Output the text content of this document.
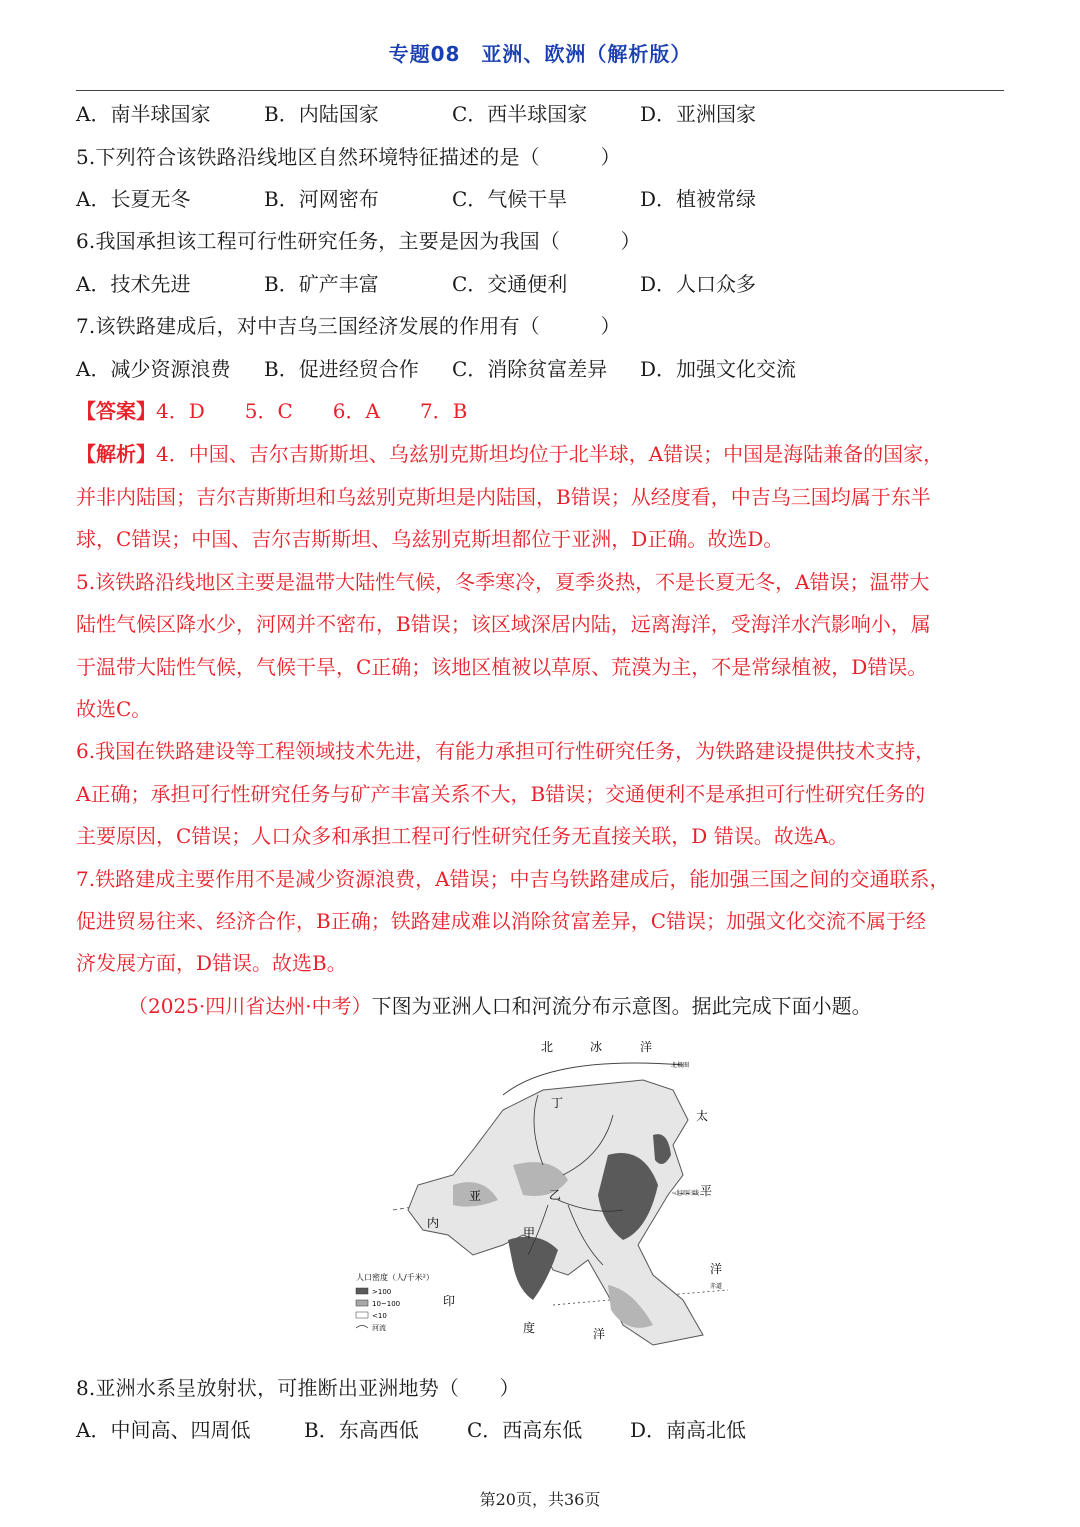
专题08　亚洲、欧洲（解析版）
A．南半球国家	B．内陆国家	C．西半球国家	D．亚洲国家
5.下列符合该铁路沿线地区自然环境特征描述的是（　　　）
A．长夏无冬	B．河网密布	C．气候干旱	D．植被常绿
6.我国承担该工程可行性研究任务，主要是因为我国（　　　）
A．技术先进	B．矿产丰富	C．交通便利	D．人口众多
7.该铁路建成后，对中吉乌三国经济发展的作用有（　　　）
A．减少资源浪费	B．促进经贸合作	C．消除贫富差异	D．加强文化交流
【答案】4．D　　5．C　　6．A　　7．B
【解析】4．中国、吉尔吉斯斯坦、乌兹别克斯坦均位于北半球，A错误；中国是海陆兼备的国家，
并非内陆国；吉尔吉斯斯坦和乌兹别克斯坦是内陆国，B错误；从经度看，中吉乌三国均属于东半
球，C错误；中国、吉尔吉斯斯坦、乌兹别克斯坦都位于亚洲，D正确。故选D。
5.该铁路沿线地区主要是温带大陆性气候，冬季寒冷，夏季炎热，不是长夏无冬，A错误；温带大
陆性气候区降水少，河网并不密布，B错误；该区域深居内陆，远离海洋，受海洋水汽影响小，属
于温带大陆性气候，气候干旱，C正确；该地区植被以草原、荒漠为主，不是常绿植被，D错误。
故选C。
6.我国在铁路建设等工程领域技术先进，有能力承担可行性研究任务，为铁路建设提供技术支持，
A正确；承担可行性研究任务与矿产丰富关系不大，B错误；交通便利不是承担可行性研究任务的
主要原因，C错误；人口众多和承担工程可行性研究任务无直接关联，D 错误。故选A。
7.铁路建成主要作用不是减少资源浪费，A错误；中吉乌铁路建成后，能加强三国之间的交通联系，
促进贸易往来、经济合作，B正确；铁路建成难以消除贫富差异，C错误；加强文化交流不属于经
济发展方面，D错误。故选B。
（2025·四川省达州·中考）下图为亚洲人口和河流分布示意图。据此完成下面小题。
北	冰	洋
太
平
洋
印
度	洋
丁
亚	乙
甲
内
北极圈
北回归线
赤道
人口密度（人/千米²）
>100
10~100
<10
河流
8.亚洲水系呈放射状，可推断出亚洲地势（　　）
A．中间高、四周低	B．东高西低	C．西高东低	D．南高北低
第20页，共36页
